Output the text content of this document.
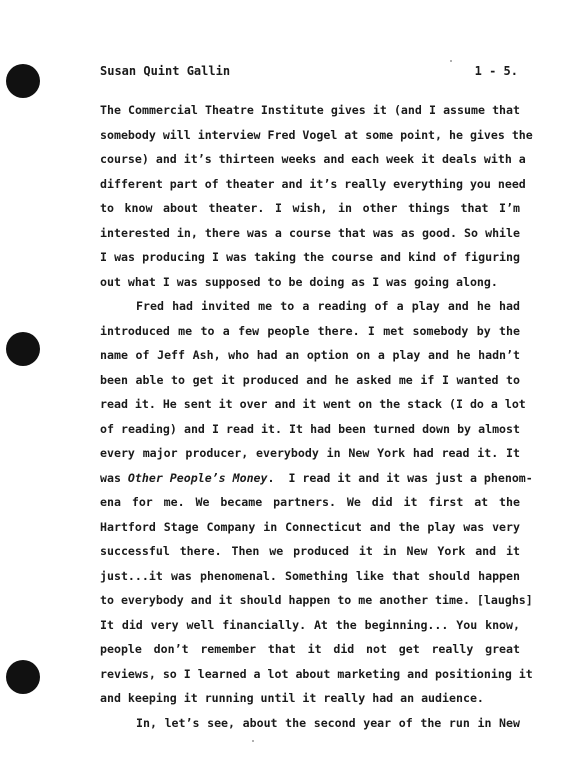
Susan Quint Gallin	1 - 5.
The Commercial Theatre Institute gives it (and I assume that
somebody will interview Fred Vogel at some point, he gives the
course) and it’s thirteen weeks and each week it deals with a
different part of theater and it’s really everything you need
to know about theater. I wish, in other things that I’m
interested in, there was a course that was as good. So while
I was producing I was taking the course and kind of figuring
out what I was supposed to be doing as I was going along.
Fred had invited me to a reading of a play and he had
introduced me to a few people there. I met somebody by the
name of Jeff Ash, who had an option on a play and he hadn’t
been able to get it produced and he asked me if I wanted to
read it. He sent it over and it went on the stack (I do a lot
of reading) and I read it. It had been turned down by almost
every major producer, everybody in New York had read it. It
was Other People’s Money.  I read it and it was just a phenom-
ena for me. We became partners. We did it first at the
Hartford Stage Company in Connecticut and the play was very
successful there. Then we produced it in New York and it
just...it was phenomenal. Something like that should happen
to everybody and it should happen to me another time. [laughs]
It did very well financially. At the beginning... You know,
people don’t remember that it did not get really great
reviews, so I learned a lot about marketing and positioning it
and keeping it running until it really had an audience.
In, let’s see, about the second year of the run in New
